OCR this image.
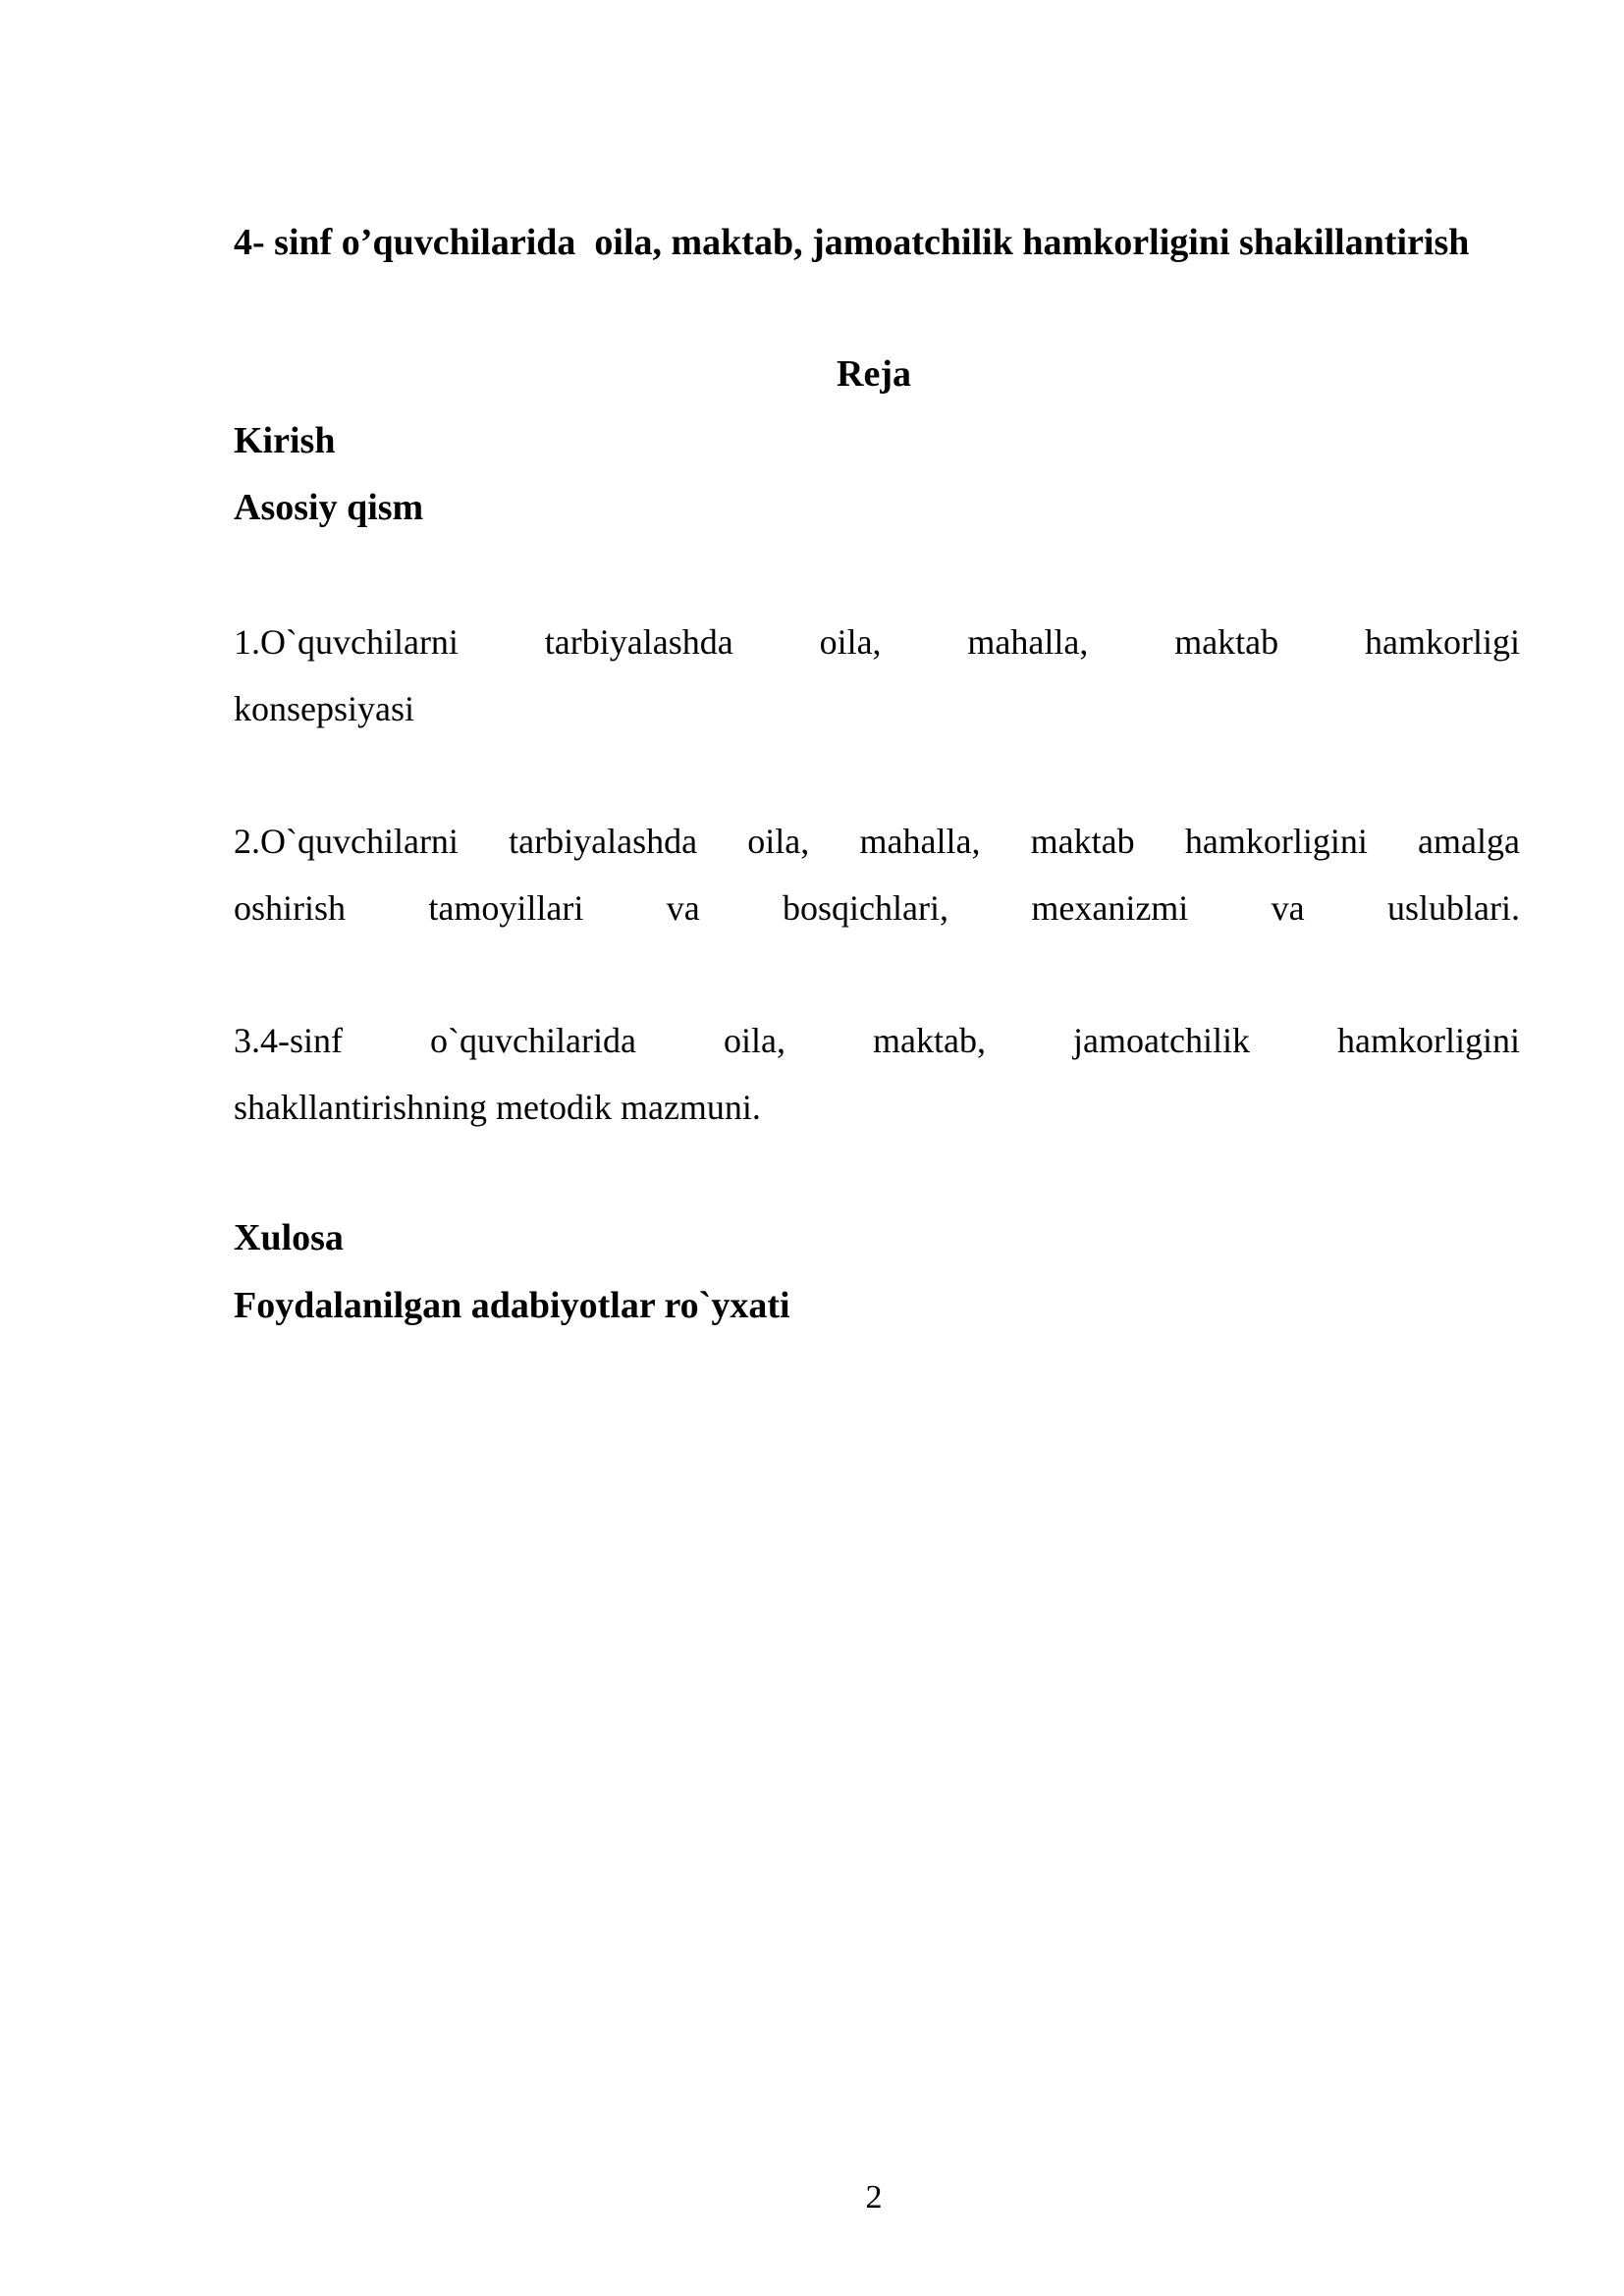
4- sinf o’quvchilarida  oila, maktab, jamoatchilik hamkorligini shakillantirish
Reja
Kirish
Asosiy qism
1.O`quvchilarni tarbiyalashda oila, mahalla, maktab hamkorligi
konsepsiyasi
2.O`quvchilarni tarbiyalashda oila, mahalla, maktab hamkorligini amalga
oshirish tamoyillari va bosqichlari, mexanizmi va uslublari.
3.4-sinf o`quvchilarida oila, maktab, jamoatchilik hamkorligini
shakllantirishning metodik mazmuni.
Xulosa
Foydalanilgan adabiyotlar ro`yxati
2
